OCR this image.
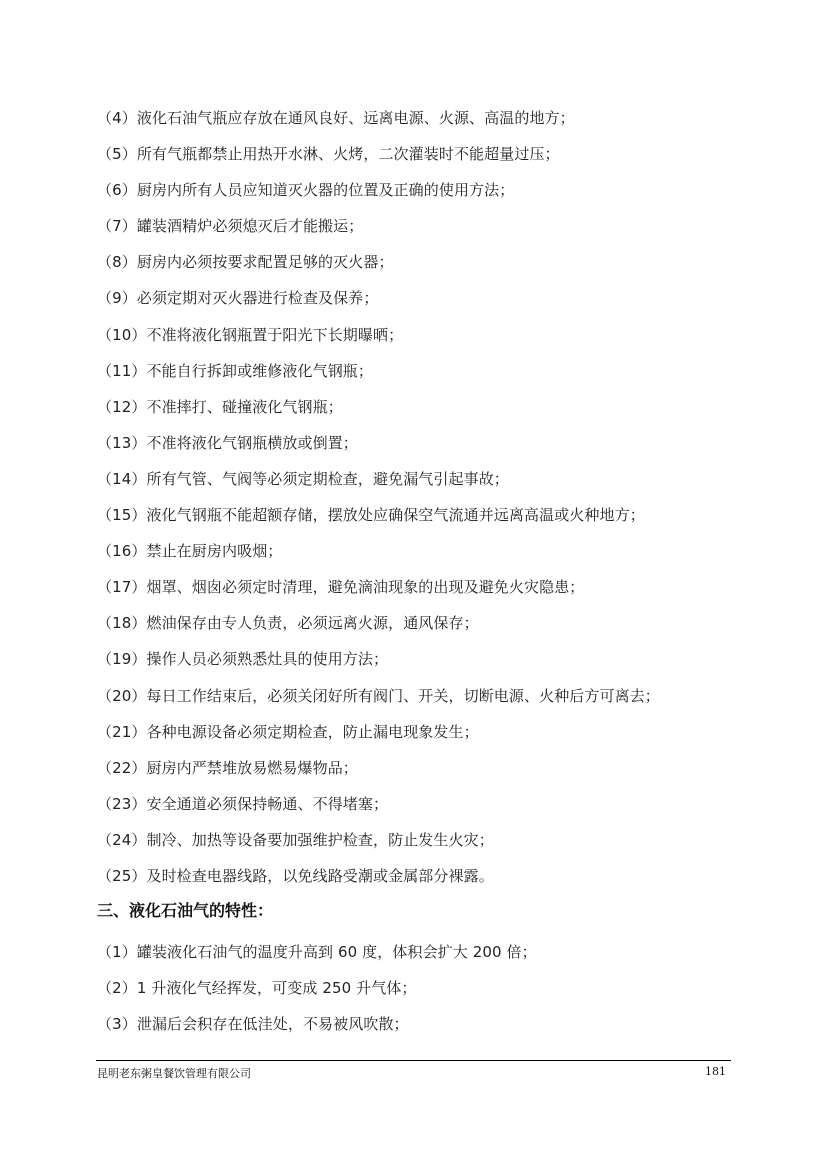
（4）液化石油气瓶应存放在通风良好、远离电源、火源、高温的地方；
（5）所有气瓶都禁止用热开水淋、火烤，二次灌装时不能超量过压；
（6）厨房内所有人员应知道灭火器的位置及正确的使用方法；
（7）罐装酒精炉必须熄灭后才能搬运；
（8）厨房内必须按要求配置足够的灭火器；
（9）必须定期对灭火器进行检查及保养；
（10）不准将液化钢瓶置于阳光下长期曝晒；
（11）不能自行拆卸或维修液化气钢瓶；
（12）不准摔打、碰撞液化气钢瓶；
（13）不准将液化气钢瓶横放或倒置；
（14）所有气管、气阀等必须定期检查，避免漏气引起事故；
（15）液化气钢瓶不能超额存储，摆放处应确保空气流通并远离高温或火种地方；
（16）禁止在厨房内吸烟；
（17）烟罩、烟囱必须定时清理，避免滴油现象的出现及避免火灾隐患；
（18）燃油保存由专人负责，必须远离火源，通风保存；
（19）操作人员必须熟悉灶具的使用方法；
（20）每日工作结束后，必须关闭好所有阀门、开关，切断电源、火种后方可离去；
（21）各种电源设备必须定期检查，防止漏电现象发生；
（22）厨房内严禁堆放易燃易爆物品；
（23）安全通道必须保持畅通、不得堵塞；
（24）制冷、加热等设备要加强维护检查，防止发生火灾；
（25）及时检查电器线路，以免线路受潮或金属部分裸露。
三、液化石油气的特性：
（1）罐装液化石油气的温度升高到 60 度，体积会扩大 200 倍；
（2）1 升液化气经挥发，可变成 250 升气体；
（3）泄漏后会积存在低洼处，不易被风吹散；
昆明老东粥皇餐饮管理有限公司	181
